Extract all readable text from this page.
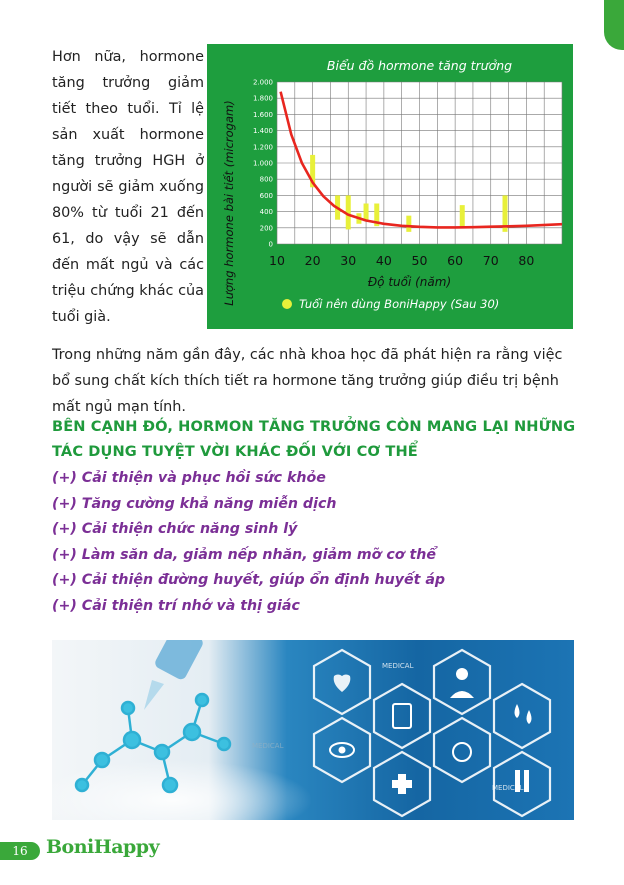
Hơn nữa, hormone tăng trưởng giảm tiết theo tuổi. Tỉ lệ sản xuất hormone tăng trưởng HGH ở người sẽ giảm xuống 80% từ tuổi 21 đến 61, do vậy sẽ dẫn đến mất ngủ và các triệu chứng khác của tuổi già.

0
200
400
600
800
1.000
1.200
1.400
1.600
1.800
2.000
10 20 30 40 50 60 70 80
Biểu đồ hormone tăng trưởng
Độ tuổi (năm)
Lượng hormone bài tiết (microgam)	Tuổi nên dùng BoniHappy (Sau 30)

Trong những năm gần đây, các nhà khoa học đã phát hiện ra rằng việc bổ sung chất kích thích tiết ra hormone tăng trưởng giúp điều trị bệnh mất ngủ mạn tính.

BÊN CẠNH ĐÓ, HORMON TĂNG TRƯỞNG CÒN MANG LẠI NHỮNG TÁC DỤNG TUYỆT VỜI KHÁC ĐỐI VỚI CƠ THỂ
(+) Cải thiện và phục hồi sức khỏe
(+) Tăng cường khả năng miễn dịch
(+) Cải thiện chức năng sinh lý
(+) Làm săn da, giảm nếp nhăn, giảm mỡ cơ thể
(+) Cải thiện đường huyết, giúp ổn định huyết áp
(+) Cải thiện trí nhớ và thị giác
MEDICAL
MEDICAL
MEDICAL
16 BoniHappy
